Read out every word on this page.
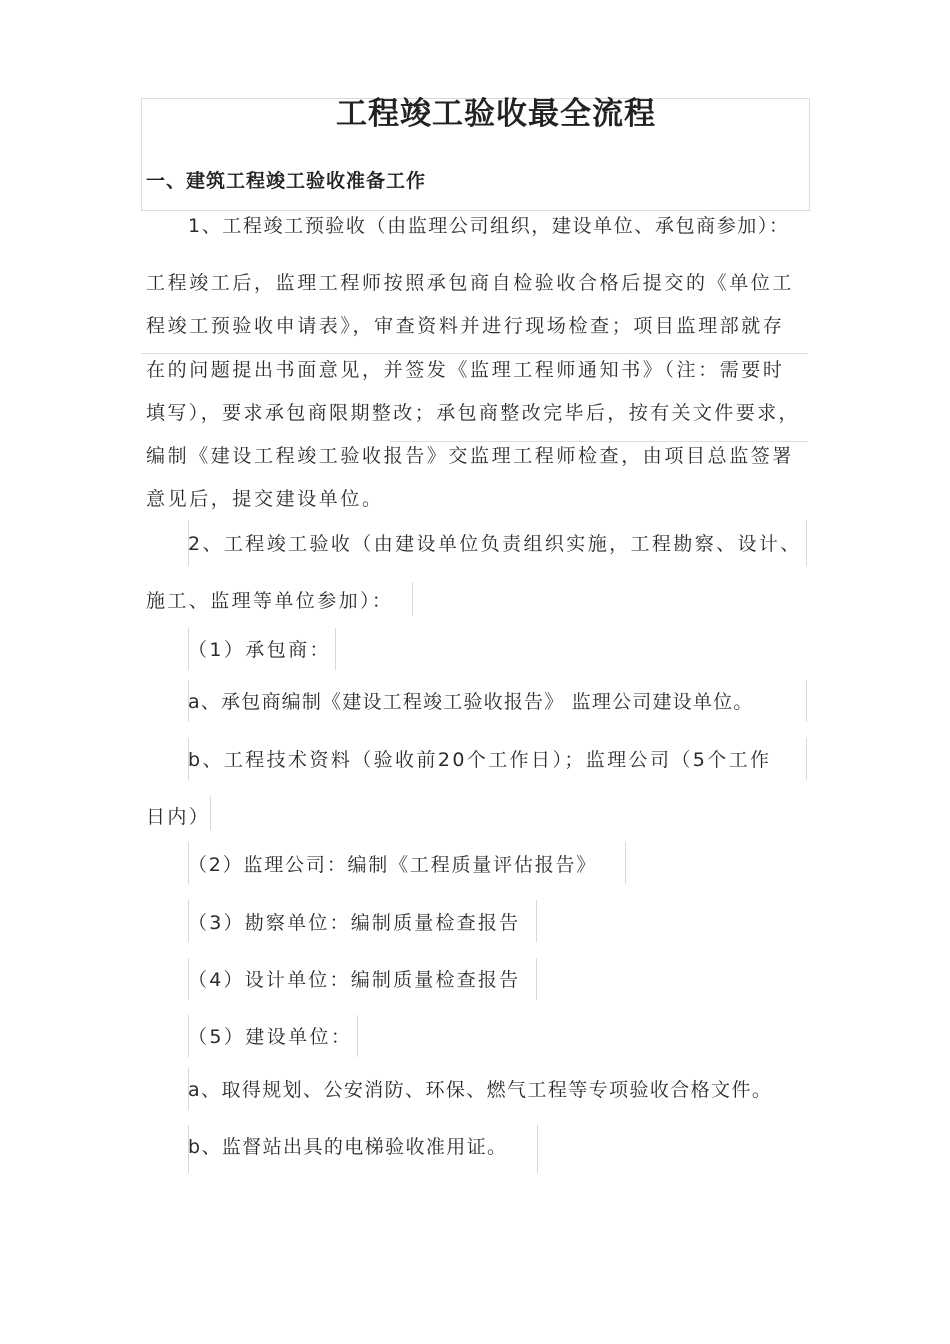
工程竣工验收最全流程
一、建筑工程竣工验收准备工作
1、工程竣工预验收（由监理公司组织，建设单位、承包商参加）：
工程竣工后，监理工程师按照承包商自检验收合格后提交的《单位工
程竣工预验收申请表》，审查资料并进行现场检查；项目监理部就存
在的问题提出书面意见，并签发《监理工程师通知书》（注：需要时
填写），要求承包商限期整改；承包商整改完毕后，按有关文件要求，
编制《建设工程竣工验收报告》交监理工程师检查，由项目总监签署
意见后，提交建设单位。
2、工程竣工验收（由建设单位负责组织实施，工程勘察、设计、
施工、监理等单位参加）：
（1）承包商：
a、承包商编制《建设工程竣工验收报告》 监理公司建设单位。
b、工程技术资料（验收前20个工作日）；监理公司（5个工作
日内）
（2）监理公司：编制《工程质量评估报告》
（3）勘察单位：编制质量检查报告
（4）设计单位：编制质量检查报告
（5）建设单位：
a、取得规划、公安消防、环保、燃气工程等专项验收合格文件。
b、监督站出具的电梯验收准用证。
